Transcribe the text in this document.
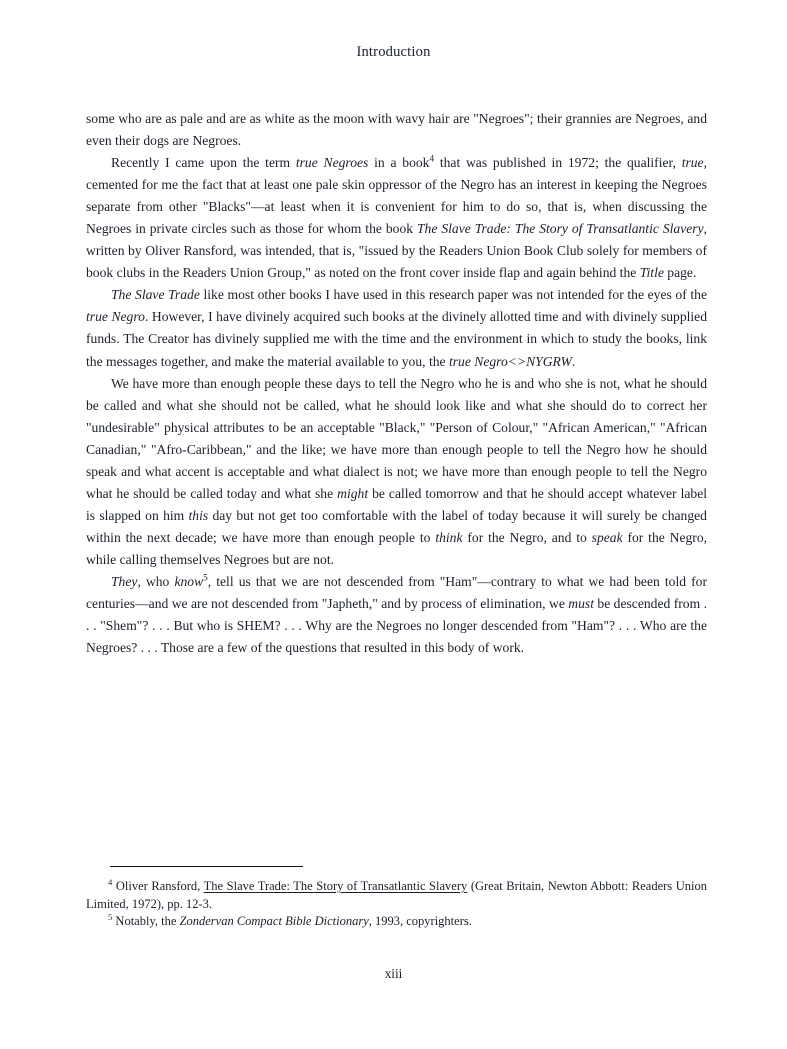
Introduction

some who are as pale and are as white as the moon with wavy hair are "Negroes"; their grannies are Negroes, and even their dogs are Negroes.

Recently I came upon the term true Negroes in a book$^4$ that was published in 1972; the qualifier, true, cemented for me the fact that at least one pale skin oppressor of the Negro has an interest in keeping the Negroes separate from other "Blacks"—at least when it is convenient for him to do so, that is, when discussing the Negroes in private circles such as those for whom the book The Slave Trade: The Story of Transatlantic Slavery, written by Oliver Ransford, was intended, that is, "issued by the Readers Union Book Club solely for members of book clubs in the Readers Union Group," as noted on the front cover inside flap and again behind the Title page.

The Slave Trade like most other books I have used in this research paper was not intended for the eyes of the true Negro. However, I have divinely acquired such books at the divinely allotted time and with divinely supplied funds. The Creator has divinely supplied me with the time and the environment in which to study the books, link the messages together, and make the material available to you, the true Negro<>NYGRW.

We have more than enough people these days to tell the Negro who he is and who she is not, what he should be called and what she should not be called, what he should look like and what she should do to correct her "undesirable" physical attributes to be an acceptable "Black," "Person of Colour," "African American," "African Canadian," "Afro-Caribbean," and the like; we have more than enough people to tell the Negro how he should speak and what accent is acceptable and what dialect is not; we have more than enough people to tell the Negro what he should be called today and what she might be called tomorrow and that he should accept whatever label is slapped on him this day but not get too comfortable with the label of today because it will surely be changed within the next decade; we have more than enough people to think for the Negro, and to speak for the Negro, while calling themselves Negroes but are not.

They, who know$^5$, tell us that we are not descended from "Ham"—contrary to what we had been told for centuries—and we are not descended from "Japheth," and by process of elimination, we must be descended from . . . "Shem"? . . . But who is SHEM? . . . Why are the Negroes no longer descended from "Ham"? . . . Who are the Negroes? . . . Those are a few of the questions that resulted in this body of work.

$^4$ Oliver Ransford, The Slave Trade: The Story of Transatlantic Slavery (Great Britain, Newton Abbott: Readers Union Limited, 1972), pp. 12-3.

$^5$ Notably, the Zondervan Compact Bible Dictionary, 1993, copyrighters.

xiii
